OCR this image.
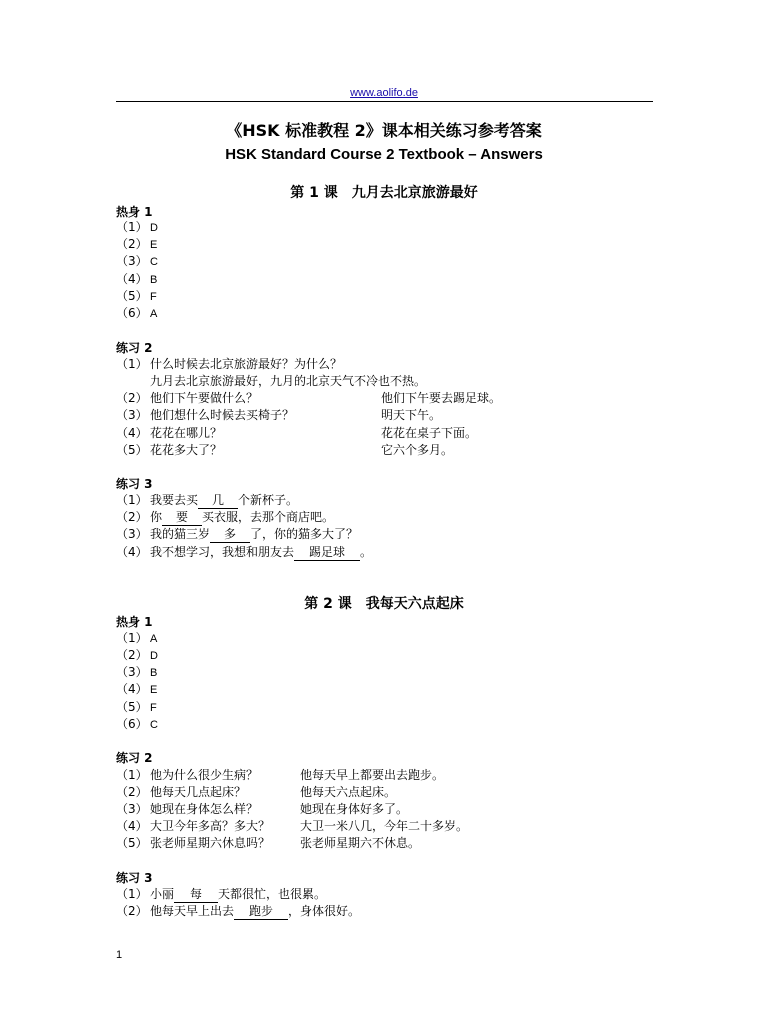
www.aolifo.de
《HSK 标准教程 2》课本相关练习参考答案
HSK Standard Course 2 Textbook – Answers
第 1 课 九月去北京旅游最好
热身 1
（1） D
（2） E
（3） C
（4） B
（5） F
（6） A
练习 2
（1） 什么时候去北京旅游最好？为什么？
九月去北京旅游最好，九月的北京天气不冷也不热。
（2） 他们下午要做什么？	他们下午要去踢足球。
（3） 他们想什么时候去买椅子？	明天下午。
（4） 花花在哪儿？	花花在桌子下面。
（5） 花花多大了？	它六个多月。
练习 3
（1） 我要去买 几 个新杯子。
（2） 你 要 买衣服，去那个商店吧。
（3） 我的猫三岁 多 了，你的猫多大了？
（4） 我不想学习，我想和朋友去 踢足球 。
第 2 课 我每天六点起床
热身 1
（1） A
（2） D
（3） B
（4） E
（5） F
（6） C
练习 2
（1） 他为什么很少生病？	他每天早上都要出去跑步。
（2） 他每天几点起床？	他每天六点起床。
（3） 她现在身体怎么样？	她现在身体好多了。
（4） 大卫今年多高？多大？ 大卫一米八几，今年二十多岁。
（5） 张老师星期六休息吗？ 张老师星期六不休息。
练习 3
（1） 小丽 每 天都很忙，也很累。
（2） 他每天早上出去 跑步 ，身体很好。
1
